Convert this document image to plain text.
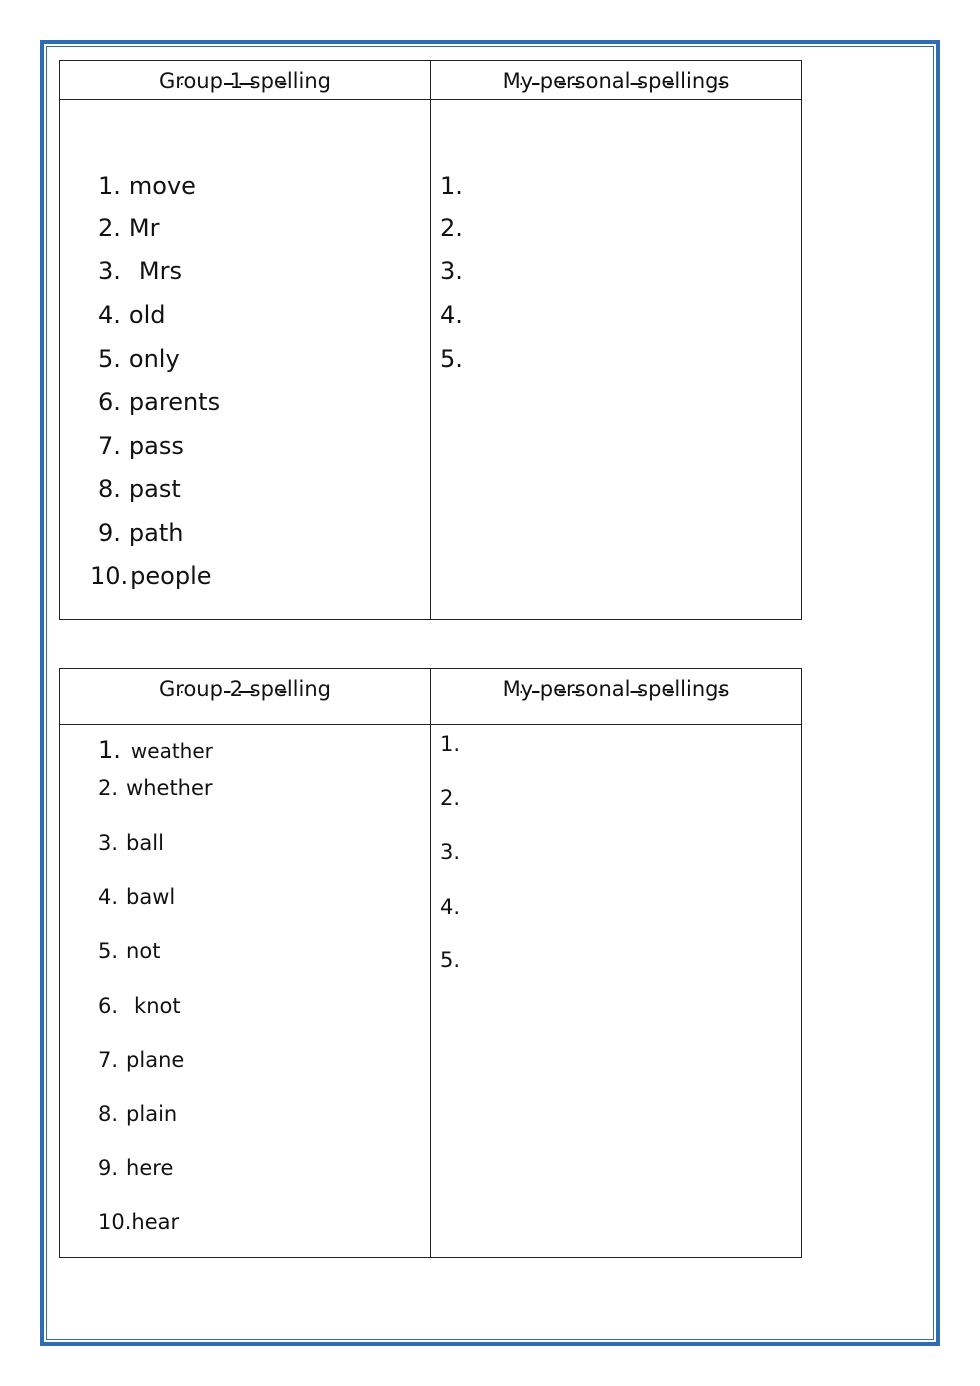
Group 1 spelling
1. move
2. Mr
3. Mrs
4. old
5. only
6. parents
7. pass
8. past
9. path
10.people
My personal spellings
1.
2.
3.
4.
5.
Group 2 spelling
1. weather
2. whether
3. ball
4. bawl
5. not
6. knot
7. plane
8. plain
9. here
10.hear
My personal spellings
1.
2.
3.
4.
5.
